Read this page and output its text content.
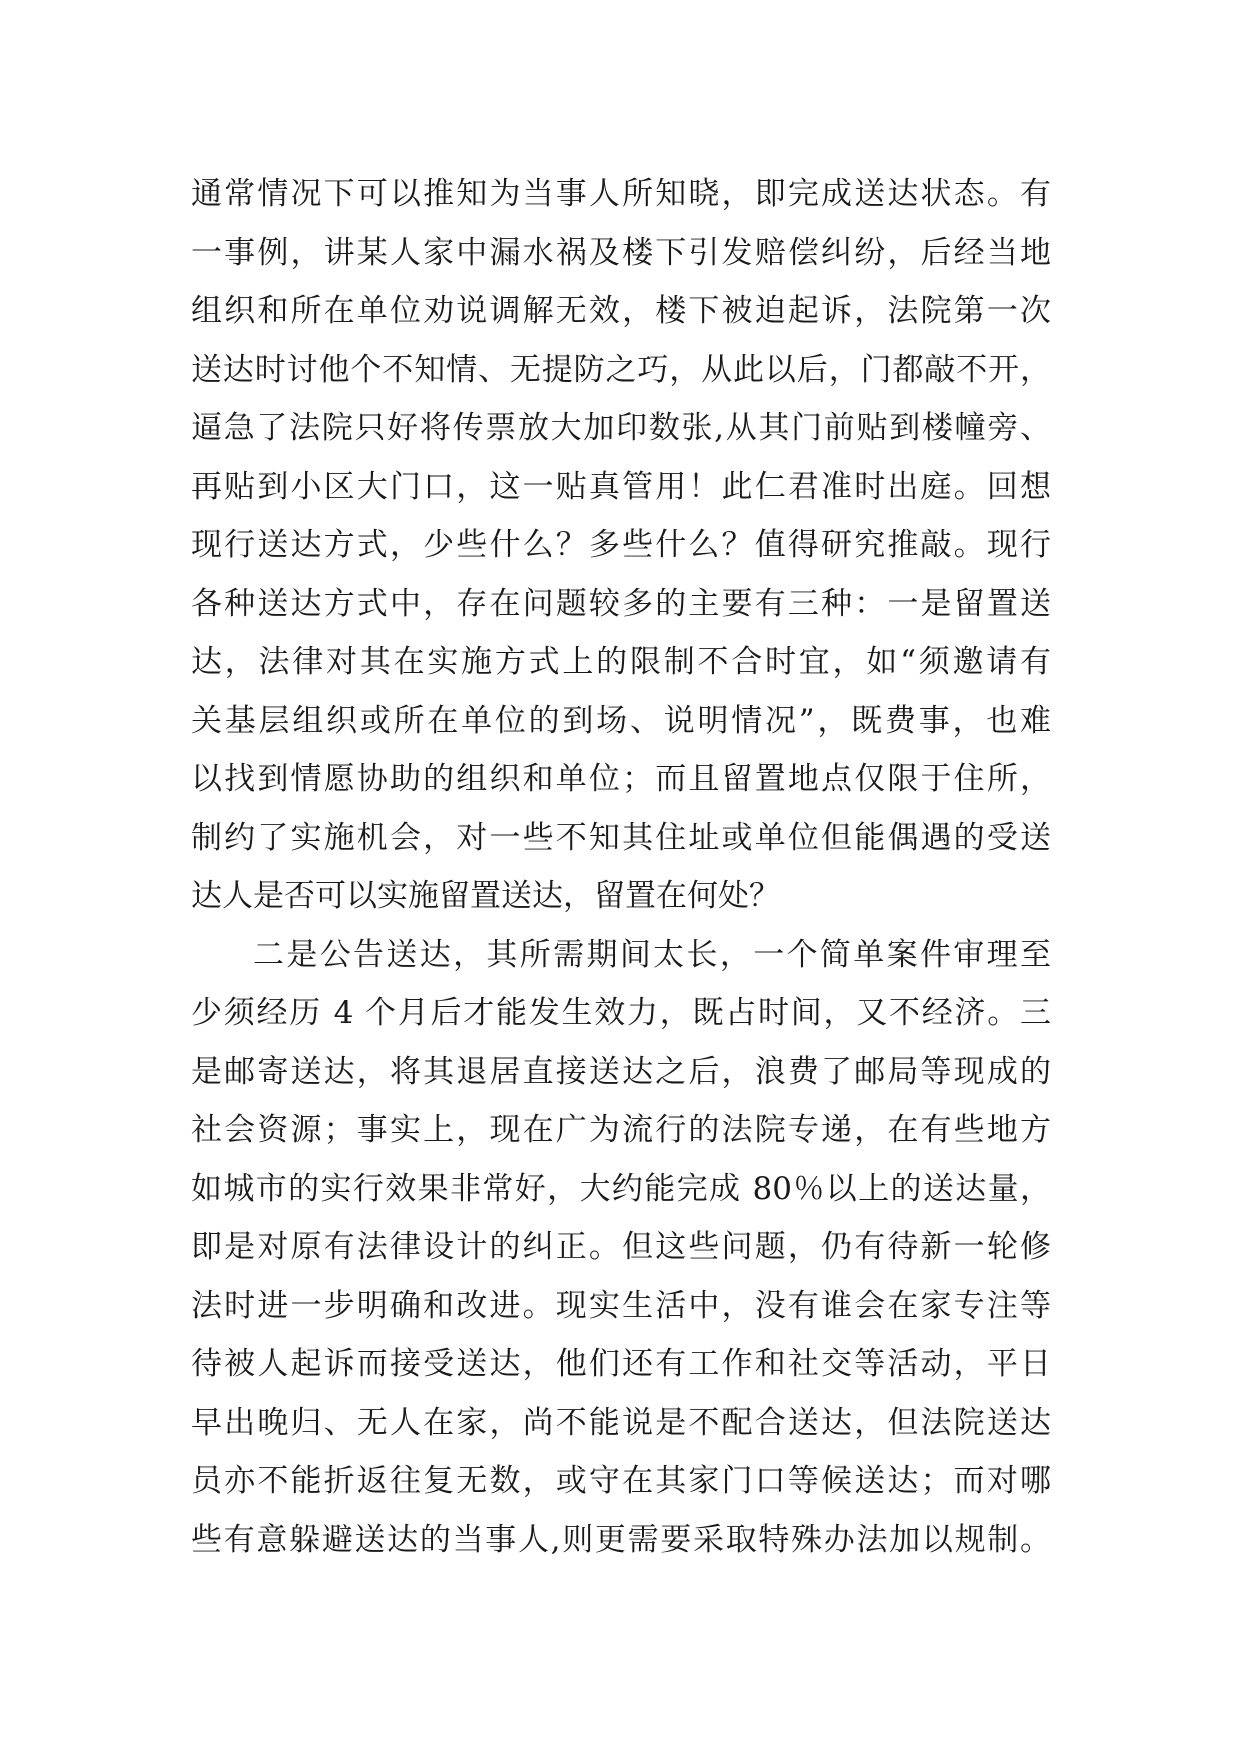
通常情况下可以推知为当事人所知晓，即完成送达状态。有
一事例，讲某人家中漏水祸及楼下引发赔偿纠纷，后经当地
组织和所在单位劝说调解无效，楼下被迫起诉，法院第一次
送达时讨他个不知情、无提防之巧，从此以后，门都敲不开，
逼急了法院只好将传票放大加印数张,从其门前贴到楼幢旁、
再贴到小区大门口，这一贴真管用！此仁君准时出庭。回想
现行送达方式，少些什么？多些什么？值得研究推敲。现行
各种送达方式中，存在问题较多的主要有三种：一是留置送
达，法律对其在实施方式上的限制不合时宜，如“须邀请有
关基层组织或所在单位的到场、说明情况”，既费事，也难
以找到情愿协助的组织和单位；而且留置地点仅限于住所，
制约了实施机会，对一些不知其住址或单位但能偶遇的受送
达人是否可以实施留置送达，留置在何处？
二是公告送达，其所需期间太长，一个简单案件审理至
少须经历 4 个月后才能发生效力，既占时间，又不经济。三
是邮寄送达，将其退居直接送达之后，浪费了邮局等现成的
社会资源；事实上，现在广为流行的法院专递，在有些地方
如城市的实行效果非常好，大约能完成 80％以上的送达量，
即是对原有法律设计的纠正。但这些问题，仍有待新一轮修
法时进一步明确和改进。现实生活中，没有谁会在家专注等
待被人起诉而接受送达，他们还有工作和社交等活动，平日
早出晚归、无人在家，尚不能说是不配合送达，但法院送达
员亦不能折返往复无数，或守在其家门口等候送达；而对哪
些有意躲避送达的当事人,则更需要采取特殊办法加以规制。
